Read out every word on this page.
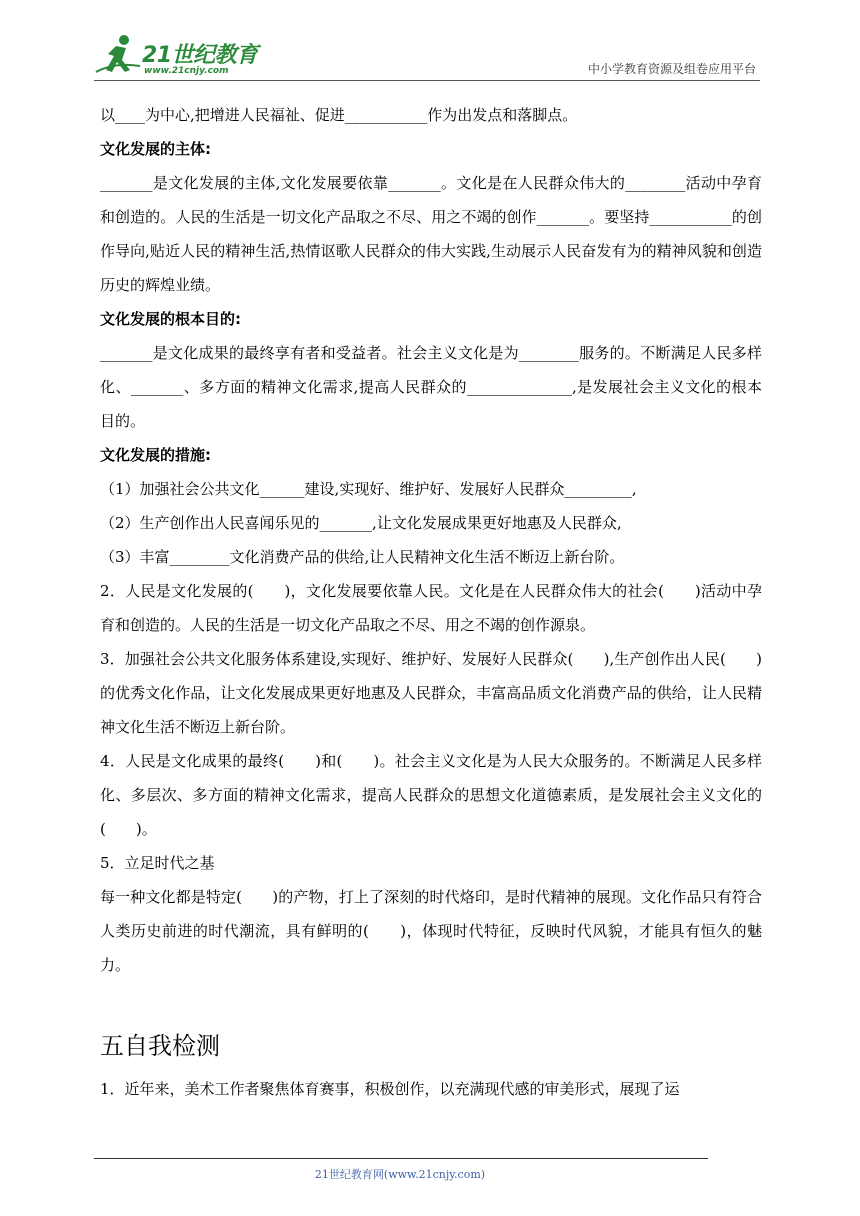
21世纪教育
www.21cnjy.com	中小学教育资源及组卷应用平台

以____为中心,把增进人民福祉、促进___________作为出发点和落脚点。

文化发展的主体:

_______是文化发展的主体,文化发展要依靠_______。文化是在人民群众伟大的________活动中孕育和创造的。人民的生活是一切文化产品取之不尽、用之不竭的创作_______。要坚持___________的创作导向,贴近人民的精神生活,热情讴歌人民群众的伟大实践,生动展示人民奋发有为的精神风貌和创造历史的辉煌业绩。

文化发展的根本目的:

_______是文化成果的最终享有者和受益者。社会主义文化是为________服务的。不断满足人民多样化、_______、多方面的精神文化需求,提高人民群众的______________,是发展社会主义文化的根本目的。

文化发展的措施:

（1）加强社会公共文化______建设,实现好、维护好、发展好人民群众_________,

（2）生产创作出人民喜闻乐见的_______,让文化发展成果更好地惠及人民群众,

（3）丰富________文化消费产品的供给,让人民精神文化生活不断迈上新台阶。

2．人民是文化发展的(　　)，文化发展要依靠人民。文化是在人民群众伟大的社会(　　)活动中孕育和创造的。人民的生活是一切文化产品取之不尽、用之不竭的创作源泉。

3．加强社会公共文化服务体系建设,实现好、维护好、发展好人民群众(　　),生产创作出人民(　　)的优秀文化作品，让文化发展成果更好地惠及人民群众，丰富高品质文化消费产品的供给，让人民精神文化生活不断迈上新台阶。

4．人民是文化成果的最终(　　)和(　　)。社会主义文化是为人民大众服务的。不断满足人民多样化、多层次、多方面的精神文化需求，提高人民群众的思想文化道德素质，是发展社会主义文化的(　　)。

5．立足时代之基

每一种文化都是特定(　　)的产物，打上了深刻的时代烙印，是时代精神的展现。文化作品只有符合人类历史前进的时代潮流，具有鲜明的(　　)，体现时代特征，反映时代风貌，才能具有恒久的魅力。

五自我检测

1．近年来，美术工作者聚焦体育赛事，积极创作，以充满现代感的审美形式，展现了运

21世纪教育网(www.21cnjy.com)
